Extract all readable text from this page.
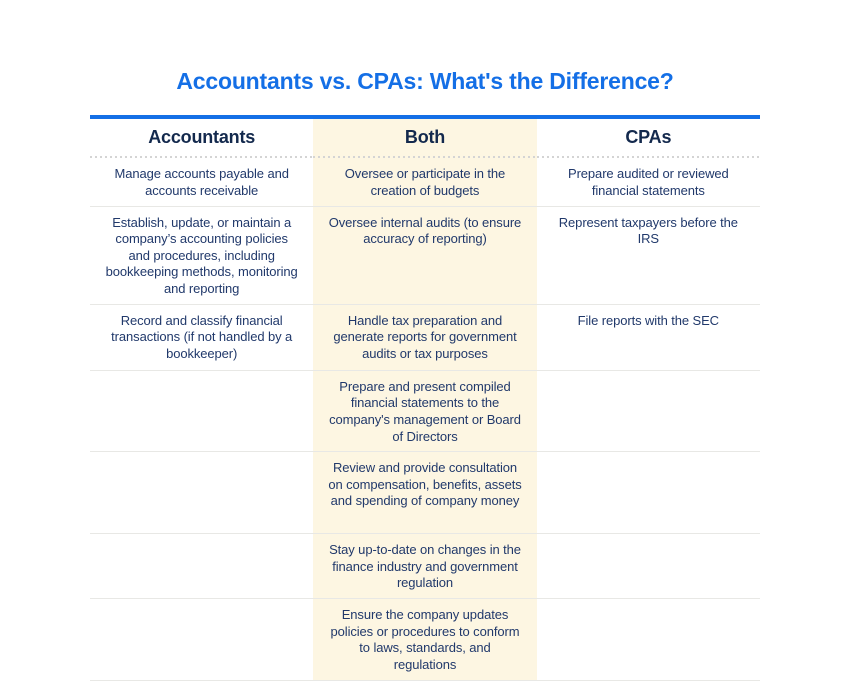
Accountants vs. CPAs: What's the Difference?
Accountants	Both	CPAs
Manage accounts payable and accounts receivable
Oversee or participate in the creation of budgets
Prepare audited or reviewed financial statements
Establish, update, or maintain a company’s accounting policies and procedures, including bookkeeping methods, monitoring and reporting
Oversee internal audits (to ensure accuracy of reporting)
Represent taxpayers before the IRS
Record and classify financial transactions (if not handled by a bookkeeper)
Handle tax preparation and generate reports for government audits or tax purposes
File reports with the SEC
Prepare and present compiled financial statements to the company's management or Board of Directors
Review and provide consultation on compensation, benefits, assets and spending of company money
Stay up-to-date on changes in the finance industry and government regulation
Ensure the company updates policies or procedures to conform to laws, standards, and regulations
